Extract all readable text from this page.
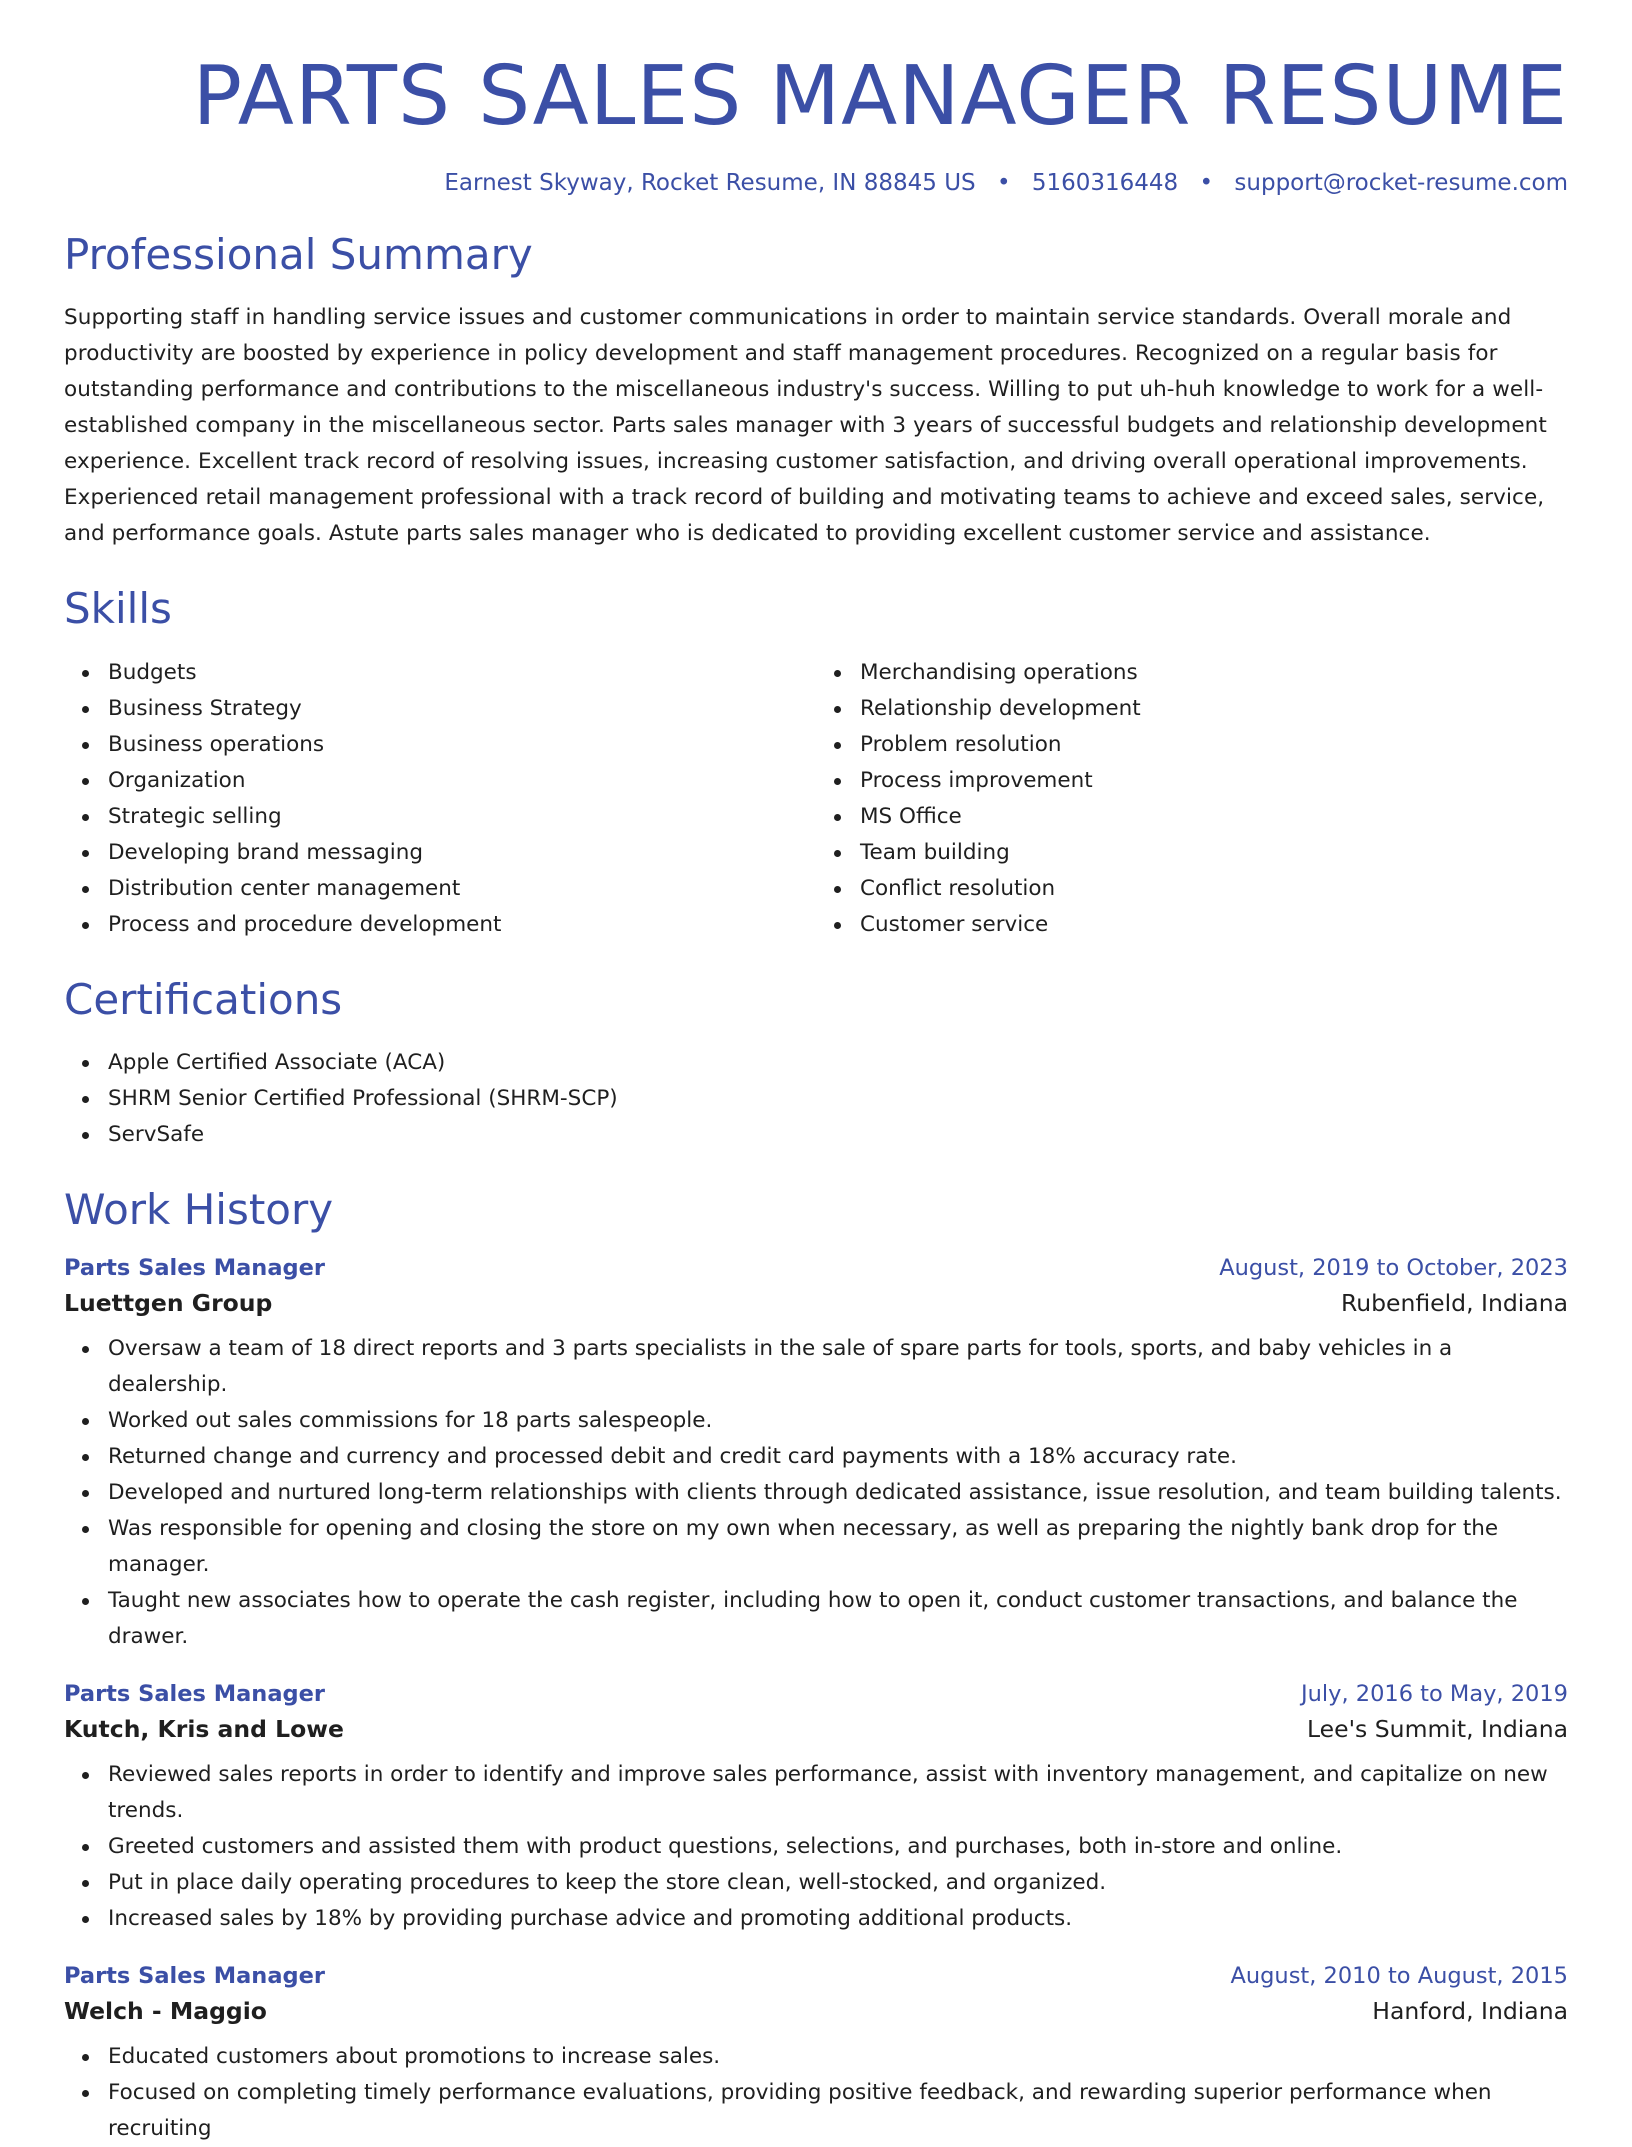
PARTS SALES MANAGER RESUME
Earnest Skyway, Rocket Resume, IN 88845 US • 5160316448 • support@rocket-resume.com
Professional Summary

Supporting staff in handling service issues and customer communications in order to maintain service standards. Overall morale and productivity are boosted by experience in policy development and staff management procedures. Recognized on a regular basis for outstanding performance and contributions to the miscellaneous industry's success. Willing to put uh-huh knowledge to work for a well-established company in the miscellaneous sector. Parts sales manager with 3 years of successful budgets and relationship development experience. Excellent track record of resolving issues, increasing customer satisfaction, and driving overall operational improvements. Experienced retail management professional with a track record of building and motivating teams to achieve and exceed sales, service, and performance goals. Astute parts sales manager who is dedicated to providing excellent customer service and assistance.

Skills
Budgets
Business Strategy
Business operations
Organization
Strategic selling
Developing brand messaging
Distribution center management
Process and procedure development
Merchandising operations
Relationship development
Problem resolution
Process improvement
MS Office
Team building
Conflict resolution
Customer service
Certifications
Apple Certified Associate (ACA)
SHRM Senior Certified Professional (SHRM-SCP)
ServSafe
Work History
Parts Sales Manager	August, 2019 to October, 2023
Luettgen Group	Rubenfield, Indiana
Oversaw a team of 18 direct reports and 3 parts specialists in the sale of spare parts for tools, sports, and baby vehicles in a dealership.
Worked out sales commissions for 18 parts salespeople.
Returned change and currency and processed debit and credit card payments with a 18% accuracy rate.
Developed and nurtured long-term relationships with clients through dedicated assistance, issue resolution, and team building talents.
Was responsible for opening and closing the store on my own when necessary, as well as preparing the nightly bank drop for the manager.
Taught new associates how to operate the cash register, including how to open it, conduct customer transactions, and balance the drawer.
Parts Sales Manager	July, 2016 to May, 2019
Kutch, Kris and Lowe	Lee's Summit, Indiana
Reviewed sales reports in order to identify and improve sales performance, assist with inventory management, and capitalize on new trends.
Greeted customers and assisted them with product questions, selections, and purchases, both in-store and online.
Put in place daily operating procedures to keep the store clean, well-stocked, and organized.
Increased sales by 18% by providing purchase advice and promoting additional products.
Parts Sales Manager	August, 2010 to August, 2015
Welch - Maggio	Hanford, Indiana
Educated customers about promotions to increase sales.
Focused on completing timely performance evaluations, providing positive feedback, and rewarding superior performance when recruiting
